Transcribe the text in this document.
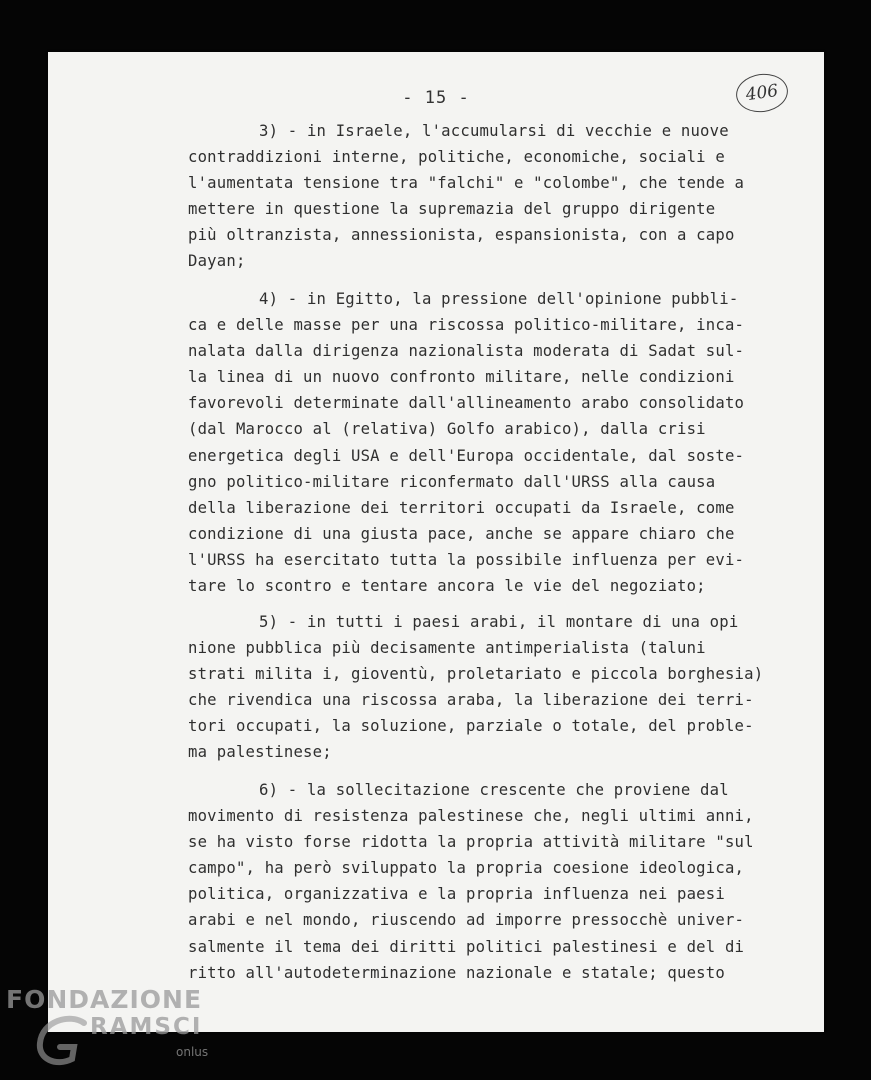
- 15 -	406
3) - in Israele, l'accumularsi di vecchie e nuove
contraddizioni interne, politiche, economiche, sociali e
l'aumentata tensione tra "falchi" e "colombe", che tende a
mettere in questione la supremazia del gruppo dirigente
più oltranzista, annessionista, espansionista, con a capo
Dayan;
4) - in Egitto, la pressione dell'opinione pubbli-
ca e delle masse per una riscossa politico-militare, inca-
nalata dalla dirigenza nazionalista moderata di Sadat sul-
la linea di un nuovo confronto militare, nelle condizioni
favorevoli determinate dall'allineamento arabo consolidato
(dal Marocco al (relativa) Golfo arabico), dalla crisi
energetica degli USA e dell'Europa occidentale, dal soste-
gno politico-militare riconfermato dall'URSS alla causa
della liberazione dei territori occupati da Israele, come
condizione di una giusta pace, anche se appare chiaro che
l'URSS ha esercitato tutta la possibile influenza per evi-
tare lo scontro e tentare ancora le vie del negoziato;
5) - in tutti i paesi arabi, il montare di una opi
nione pubblica più decisamente antimperialista (taluni
strati milita i, gioventù, proletariato e piccola borghesia)
che rivendica una riscossa araba, la liberazione dei terri-
tori occupati, la soluzione, parziale o totale, del proble-
ma palestinese;
6) - la sollecitazione crescente che proviene dal
movimento di resistenza palestinese che, negli ultimi anni,
se ha visto forse ridotta la propria attività militare "sul
campo", ha però sviluppato la propria coesione ideologica,
politica, organizzativa e la propria influenza nei paesi
arabi e nel mondo, riuscendo ad imporre pressocchè univer-
salmente il tema dei diritti politici palestinesi e del di
ritto all'autodeterminazione nazionale e statale; questo
FONDAZIONE
RAMSCI
onlus
